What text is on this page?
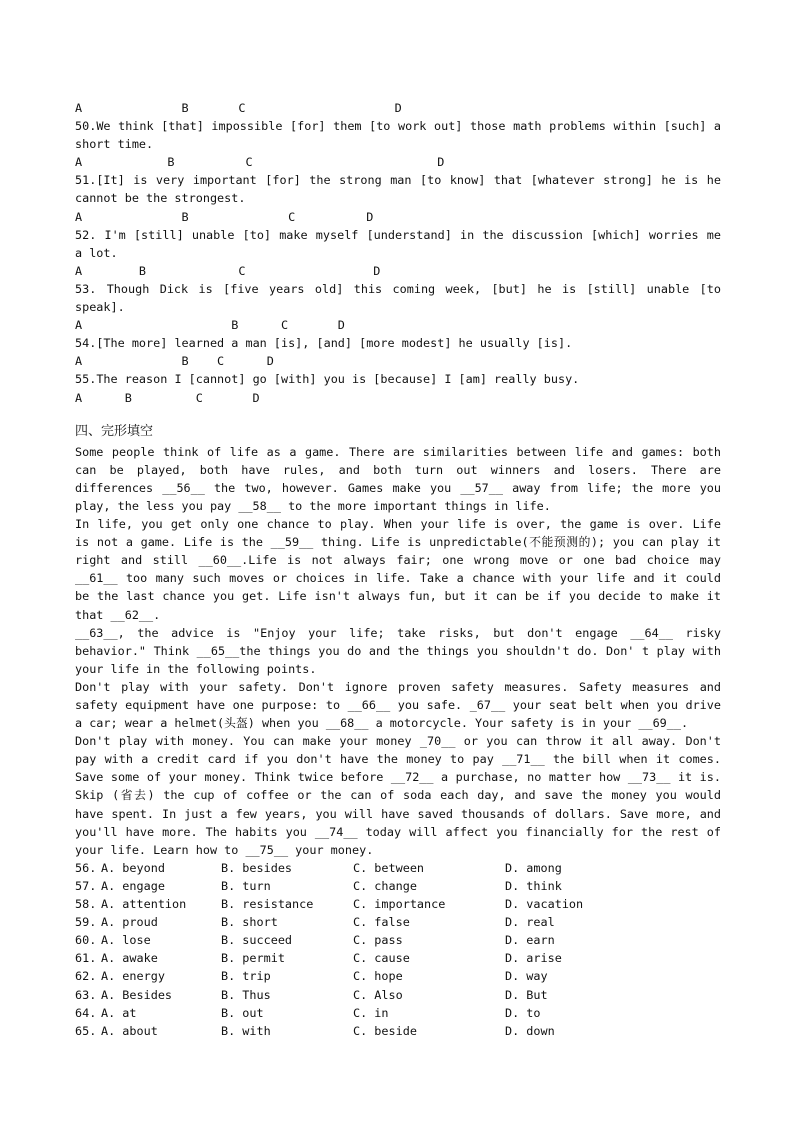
A              B       C                     D
50.We think [that] impossible [for] them [to work out] those math problems within [such] a short time.
A            B          C                          D
51.[It] is very important [for] the strong man [to know] that [whatever strong] he is he cannot be the strongest.
A              B              C          D
52. I'm [still] unable [to] make myself [understand] in the discussion [which] worries me a lot.
A        B             C                  D
53. Though Dick is [five years old] this coming week, [but] he is [still] unable [to speak].
A                     B      C       D
54.[The more] learned a man [is], [and] [more modest] he usually [is].
A              B    C      D
55.The reason I [cannot] go [with] you is [because] I [am] really busy.
A      B         C       D
四、完形填空
Some people think of life as a game. There are similarities between life and games: both can be played, both have rules, and both turn out winners and losers. There are differences __56__ the two, however. Games make you __57__ away from life; the more you play, the less you pay __58__ to the more important things in life.
In life, you get only one chance to play. When your life is over, the game is over. Life is not a game. Life is the __59__ thing. Life is unpredictable(不能预测的); you can play it right and still __60__.Life is not always fair; one wrong move or one bad choice may __61__ too many such moves or choices in life. Take a chance with your life and it could be the last chance you get. Life isn't always fun, but it can be if you decide to make it that __62__.
__63__, the advice is "Enjoy your life; take risks, but don't engage __64__ risky behavior." Think __65__the things you do and the things you shouldn't do. Don' t play with your life in the following points.
Don't play with your safety. Don't ignore proven safety measures. Safety measures and safety equipment have one purpose: to __66__ you safe. _67__ your seat belt when you drive a car; wear a helmet(头盔) when you __68__ a motorcycle. Your safety is in your __69__.
Don't play with money. You can make your money _70__ or you can throw it all away. Don't pay with a credit card if you don't have the money to pay __71__ the bill when it comes. Save some of your money. Think twice before __72__ a purchase, no matter how __73__ it is. Skip (省去) the cup of coffee or the can of soda each day, and save the money you would have spent. In just a few years, you will have saved thousands of dollars. Save more, and you'll have more. The habits you __74__ today will affect you financially for the rest of your life. Learn how to __75__ your money.
56. A. beyond	B. besides	C. between	D. among
57. A. engage	B. turn	C. change	D. think
58. A. attention	B. resistance	C. importance	D. vacation
59. A. proud	B. short	C. false	D. real
60. A. lose	B. succeed	C. pass	D. earn
61. A. awake	B. permit	C. cause	D. arise
62. A. energy	B. trip	C. hope	D. way
63. A. Besides	B. Thus	C. Also	D. But
64. A. at	B. out	C. in	D. to
65. A. about	B. with	C. beside	D. down
